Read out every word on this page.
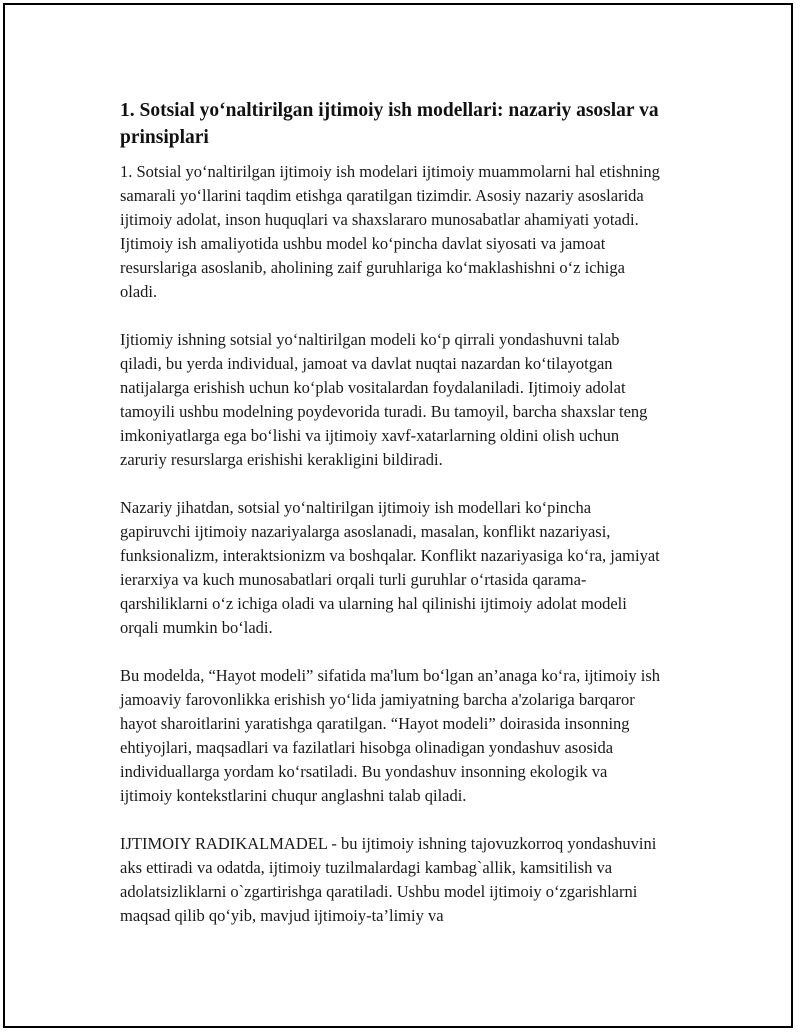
1. Sotsial yo‘naltirilgan ijtimoiy ish modellari: nazariy asoslar va prinsiplari

1. Sotsial yo‘naltirilgan ijtimoiy ish modelari ijtimoiy muammolarni hal etishning samarali yo‘llarini taqdim etishga qaratilgan tizimdir. Asosiy nazariy asoslarida ijtimoiy adolat, inson huquqlari va shaxslararo munosabatlar ahamiyati yotadi. Ijtimoiy ish amaliyotida ushbu model ko‘pincha davlat siyosati va jamoat resurslariga asoslanib, aholining zaif guruhlariga ko‘maklashishni o‘z ichiga oladi.

Ijtiomiy ishning sotsial yo‘naltirilgan modeli ko‘p qirrali yondashuvni talab qiladi, bu yerda individual, jamoat va davlat nuqtai nazardan ko‘tilayotgan natijalarga erishish uchun ko‘plab vositalardan foydalaniladi. Ijtimoiy adolat tamoyili ushbu modelning poydevorida turadi. Bu tamoyil, barcha shaxslar teng imkoniyatlarga ega bo‘lishi va ijtimoiy xavf-xatarlarning oldini olish uchun zaruriy resurslarga erishishi kerakligini bildiradi.

Nazariy jihatdan, sotsial yo‘naltirilgan ijtimoiy ish modellari ko‘pincha gapiruvchi ijtimoiy nazariyalarga asoslanadi, masalan, konflikt nazariyasi, funksionalizm, interaktsionizm va boshqalar. Konflikt nazariyasiga ko‘ra, jamiyat ierarxiya va kuch munosabatlari orqali turli guruhlar o‘rtasida qarama-qarshiliklarni o‘z ichiga oladi va ularning hal qilinishi ijtimoiy adolat modeli orqali mumkin bo‘ladi.

Bu modelda, “Hayot modeli” sifatida ma'lum bo‘lgan an’anaga ko‘ra, ijtimoiy ish jamoaviy farovonlikka erishish yo‘lida jamiyatning barcha a'zolariga barqaror hayot sharoitlarini yaratishga qaratilgan. “Hayot modeli” doirasida insonning ehtiyojlari, maqsadlari va fazilatlari hisobga olinadigan yondashuv asosida individuallarga yordam ko‘rsatiladi. Bu yondashuv insonning ekologik va ijtimoiy kontekstlarini chuqur anglashni talab qiladi.

IJTIMOIY RADIKALMADEL - bu ijtimoiy ishning tajovuzkorroq yondashuvini aks ettiradi va odatda, ijtimoiy tuzilmalardagi kambag`allik, kamsitilish va adolatsizliklarni o`zgartirishga qaratiladi. Ushbu model ijtimoiy o‘zgarishlarni maqsad qilib qo‘yib, mavjud ijtimoiy-ta’limiy va
